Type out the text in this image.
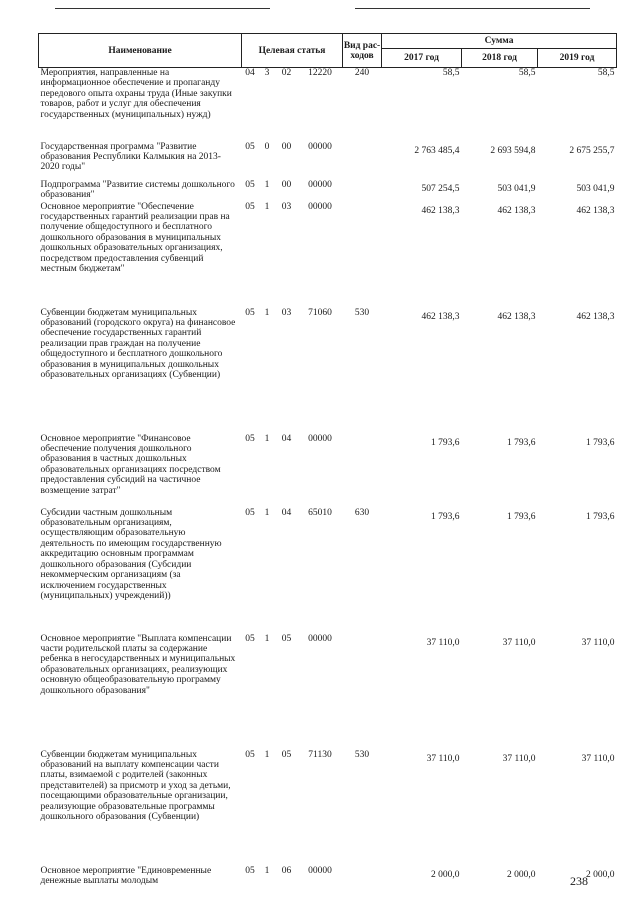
Наименование	Целевая статья				Вид рас-ходов	Сумма		
						2017 год	2018 год	2019 год
Мероприятия, направленные на информационное обеспечение и пропаганду передового опыта охраны труда (Иные закупки товаров, работ и услуг для обеспечения государственных (муниципальных) нужд)	04	3	02	12220	240	58,5	58,5	58,5
Государственная программа "Развитие образования Республики Калмыкия на 2013-2020 годы"	05	0	00	00000		2 763 485,4	2 693 594,8	2 675 255,7
Подпрограмма "Развитие системы дошкольного образования"	05	1	00	00000		507 254,5	503 041,9	503 041,9
Основное мероприятие "Обеспечение государственных гарантий реализации прав на получение общедоступного и бесплатного дошкольного образования в муниципальных дошкольных образовательных организациях, посредством предоставления субвенций местным бюджетам"	05	1	03	00000		462 138,3	462 138,3	462 138,3
Субвенции бюджетам муниципальных образований (городского округа) на финансовое обеспечение государственных гарантий реализации прав граждан на получение общедоступного и бесплатного дошкольного образования в муниципальных дошкольных образовательных организациях (Субвенции)	05	1	03	71060	530	462 138,3	462 138,3	462 138,3
Основное мероприятие "Финансовое обеспечение получения дошкольного образования в частных дошкольных образовательных организациях посредством предоставления субсидий на частичное возмещение затрат"	05	1	04	00000		1 793,6	1 793,6	1 793,6
Субсидии частным дошкольным образовательным организациям, осуществляющим образовательную деятельность по имеющим государственную аккредитацию основным программам дошкольного образования (Субсидии некоммерческим организациям (за исключением государственных (муниципальных) учреждений))	05	1	04	65010	630	1 793,6	1 793,6	1 793,6
Основное мероприятие "Выплата компенсации части родительской платы за содержание ребенка в негосударственных и муниципальных образовательных организациях, реализующих основную общеобразовательную программу дошкольного образования"	05	1	05	00000		37 110,0	37 110,0	37 110,0
Субвенции бюджетам муниципальных образований на выплату компенсации части платы, взимаемой с родителей (законных представителей) за присмотр и уход за детьми, посещающими образовательные организации, реализующие образовательные программы дошкольного образования (Субвенции)	05	1	05	71130	530	37 110,0	37 110,0	37 110,0
Основное мероприятие "Единовременные денежные выплаты молодым	05	1	06	00000		2 000,0	2 000,0	2 000,0
238
